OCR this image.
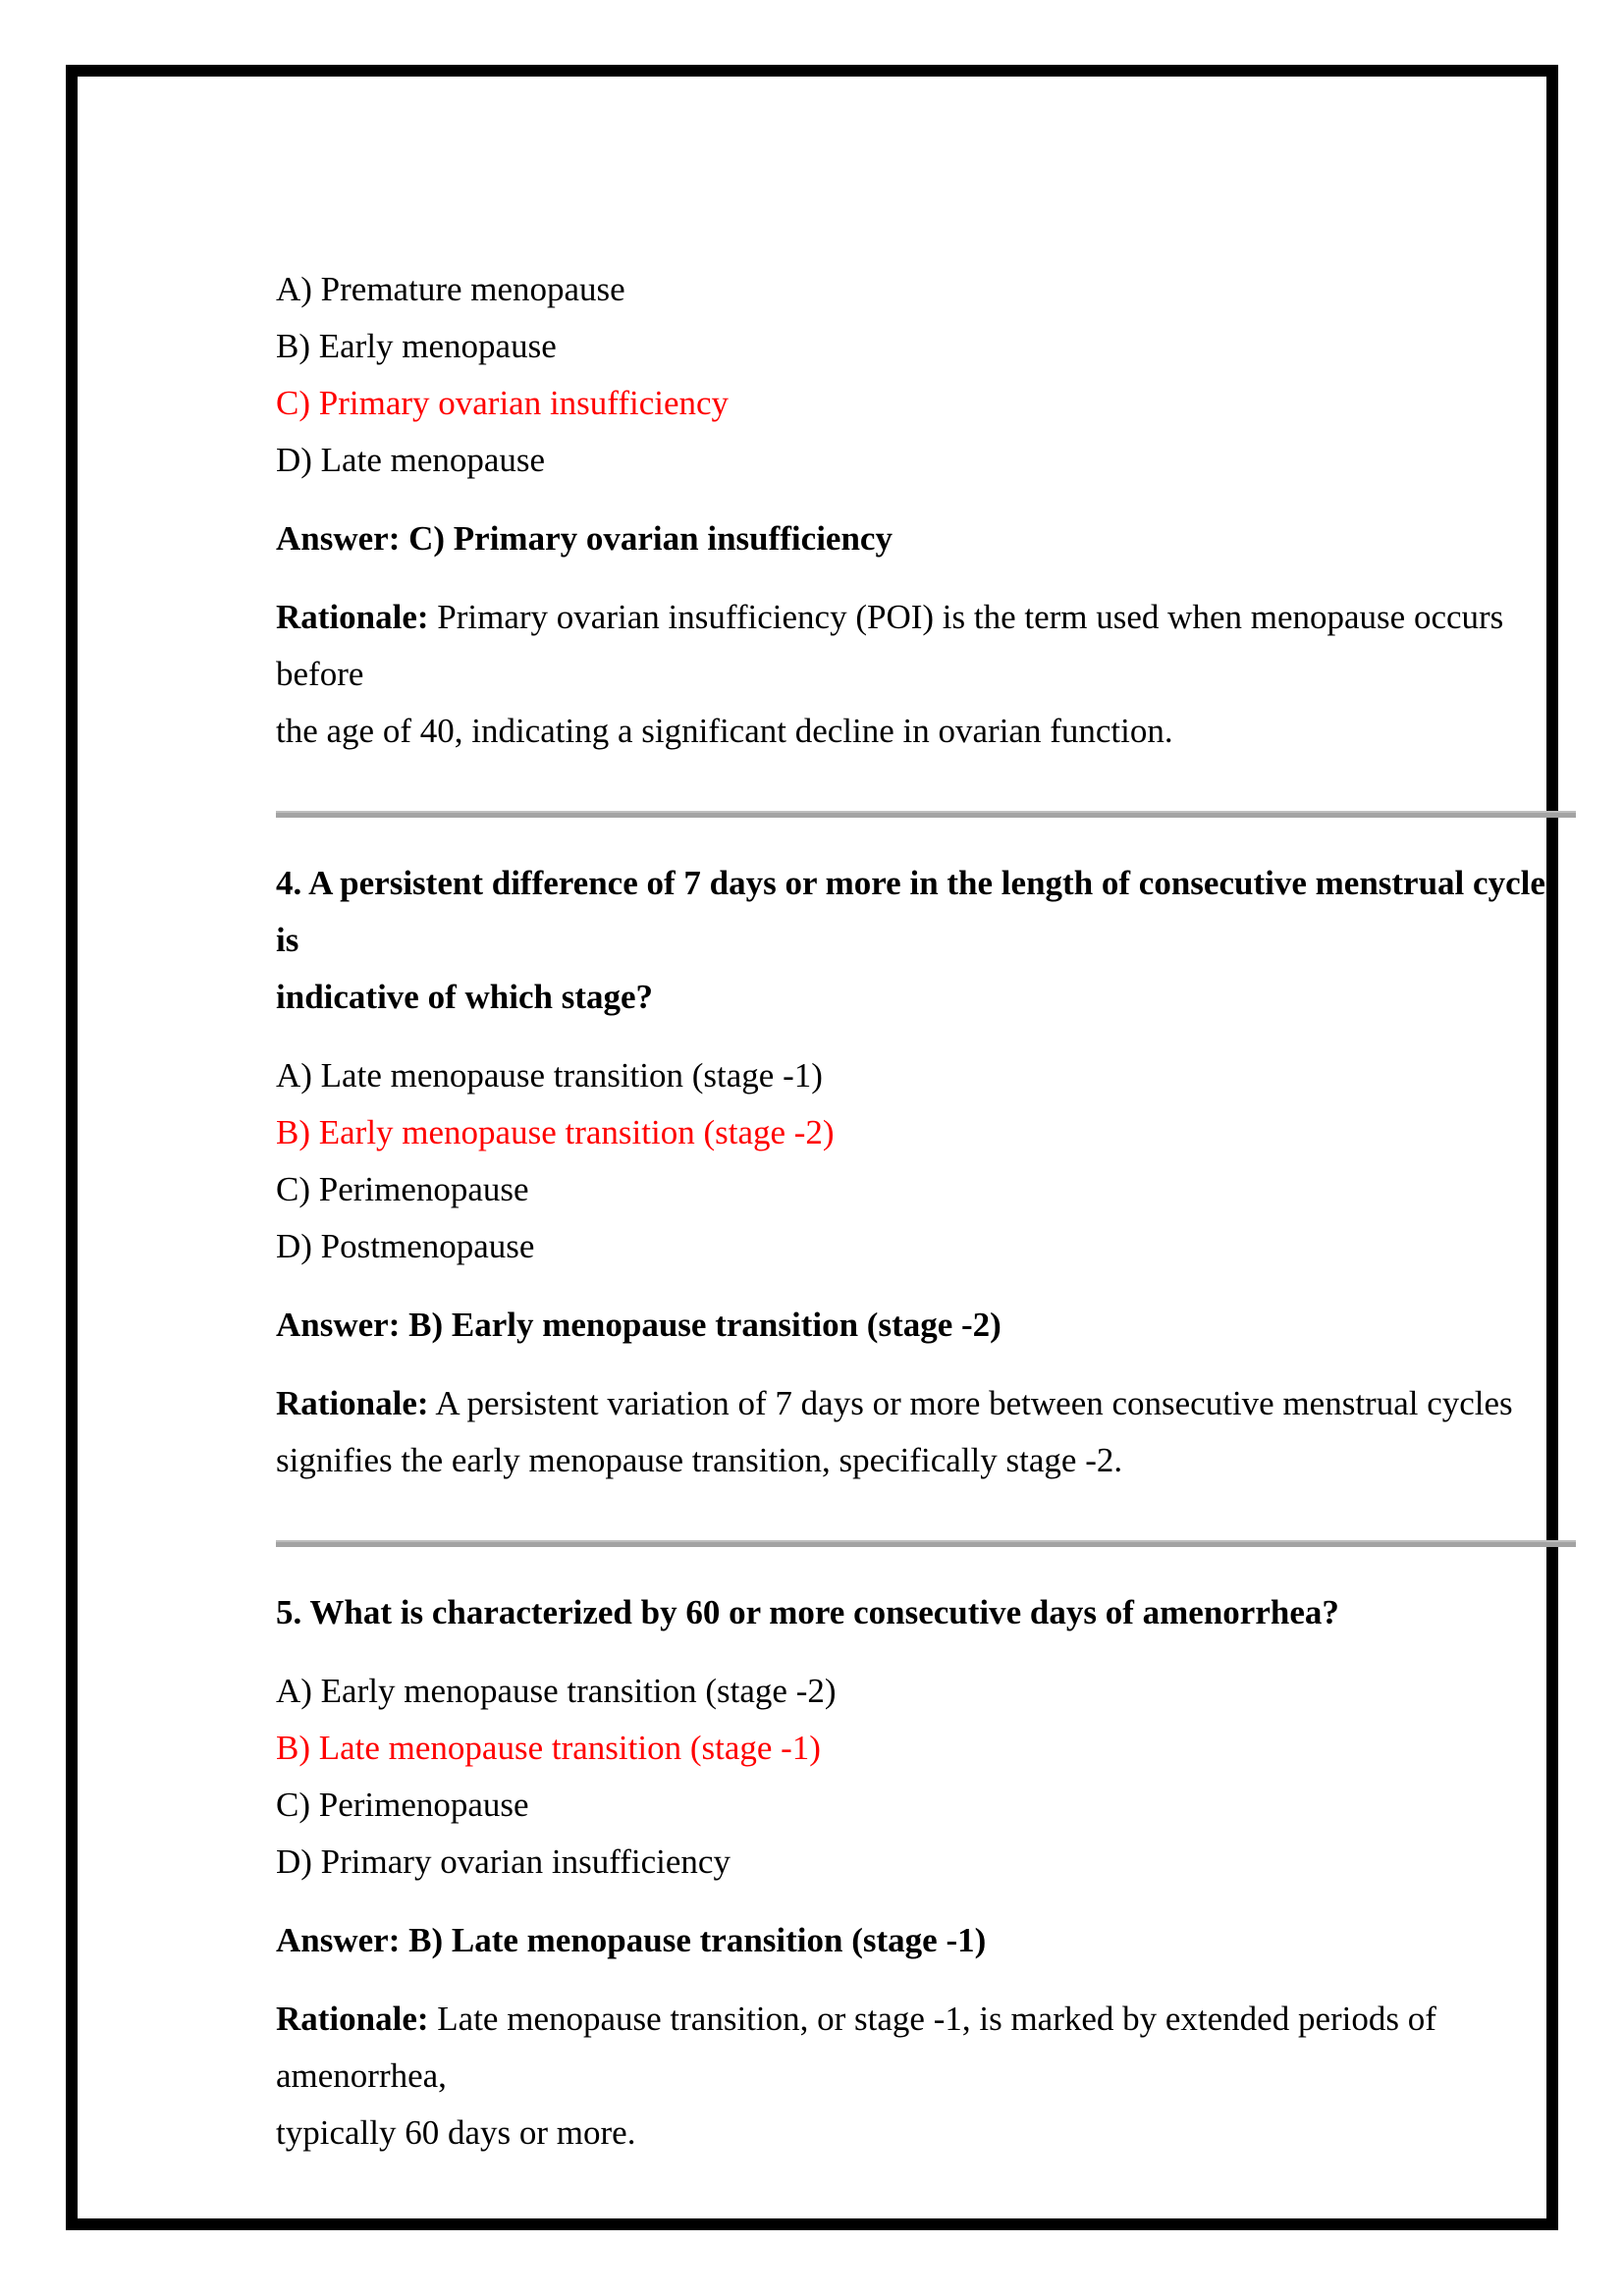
A) Premature menopause
B) Early menopause
C) Primary ovarian insufficiency
D) Late menopause
Answer: C) Primary ovarian insufficiency
Rationale: Primary ovarian insufficiency (POI) is the term used when menopause occurs before
the age of 40, indicating a significant decline in ovarian function.
4. A persistent difference of 7 days or more in the length of consecutive menstrual cycles is
indicative of which stage?
A) Late menopause transition (stage -1)
B) Early menopause transition (stage -2)
C) Perimenopause
D) Postmenopause
Answer: B) Early menopause transition (stage -2)
Rationale: A persistent variation of 7 days or more between consecutive menstrual cycles
signifies the early menopause transition, specifically stage -2.
5. What is characterized by 60 or more consecutive days of amenorrhea?
A) Early menopause transition (stage -2)
B) Late menopause transition (stage -1)
C) Perimenopause
D) Primary ovarian insufficiency
Answer: B) Late menopause transition (stage -1)
Rationale: Late menopause transition, or stage -1, is marked by extended periods of amenorrhea,
typically 60 days or more.
